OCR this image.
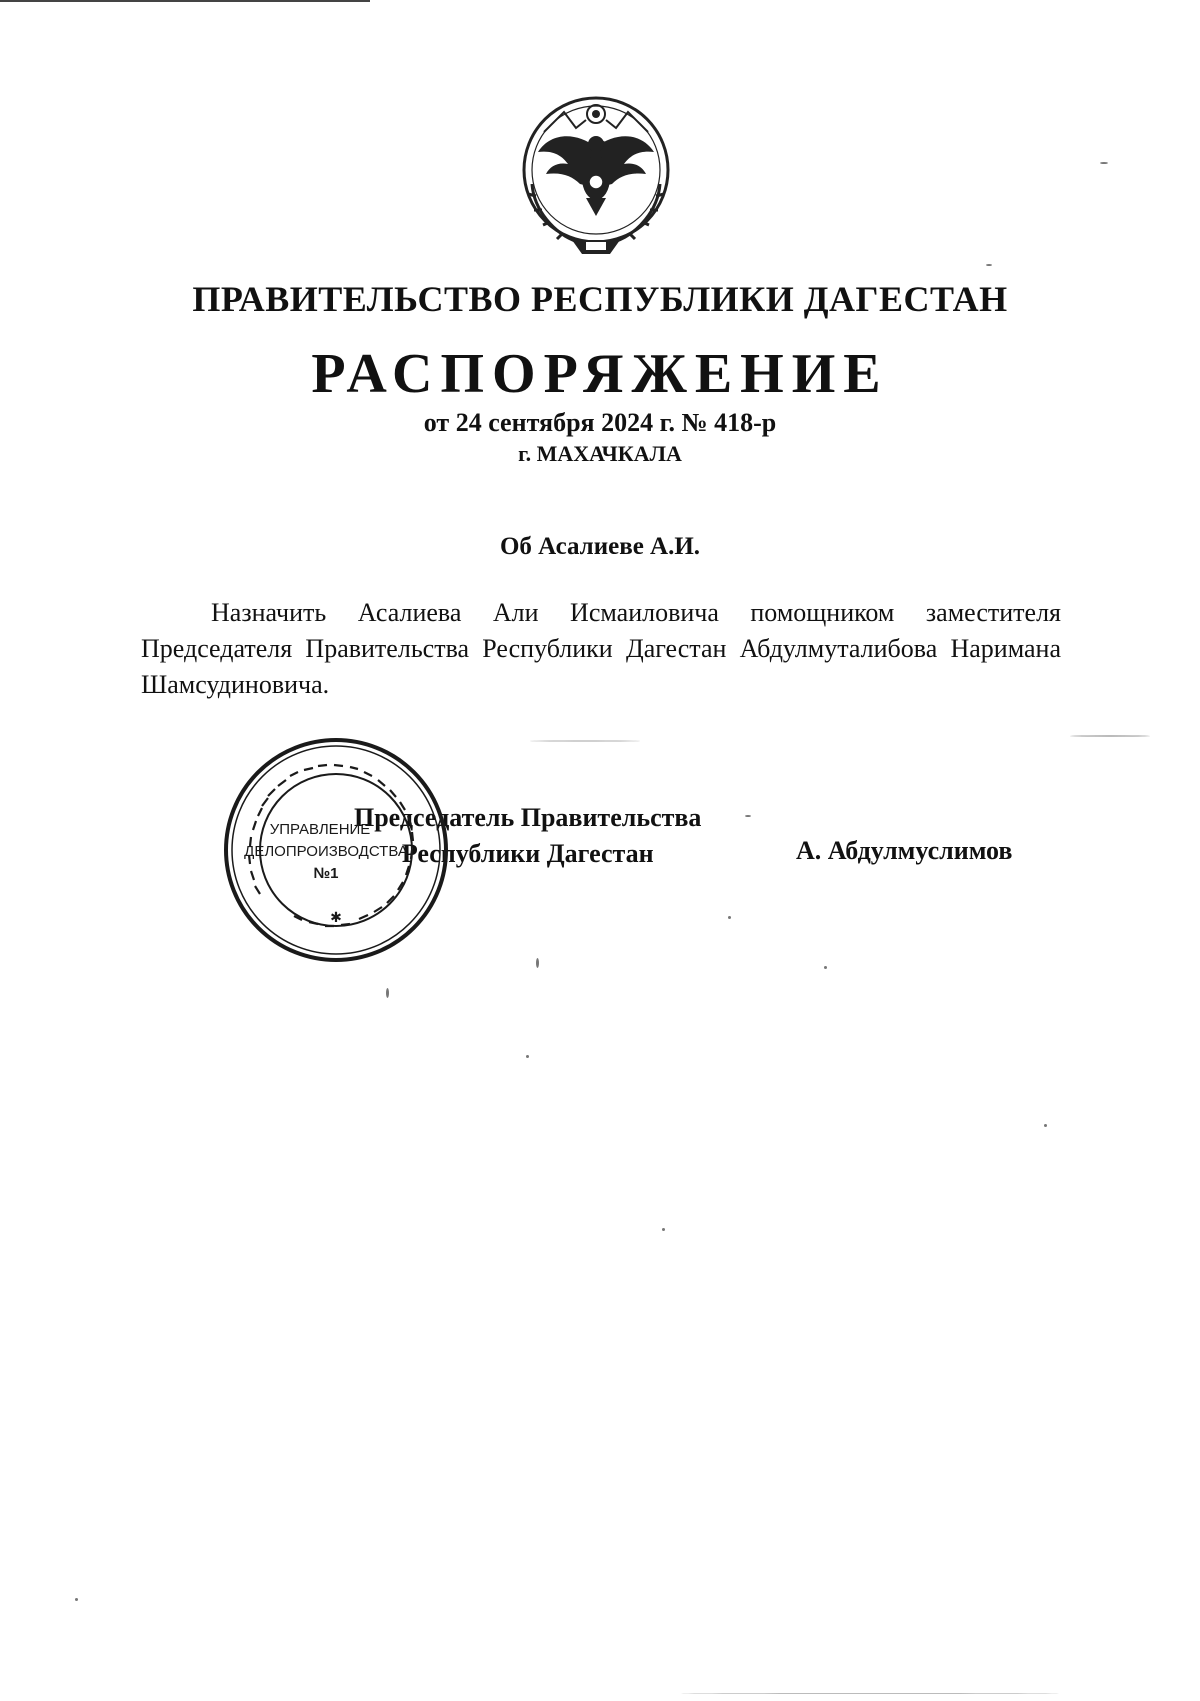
ПРАВИТЕЛЬСТВО РЕСПУБЛИКИ ДАГЕСТАН
РАСПОРЯЖЕНИЕ
от 24 сентября 2024 г. № 418-р
г. МАХАЧКАЛА
Об Асалиеве А.И.
Назначить Асалиева Али Исмаиловича помощником заместителя Председателя Правительства Республики Дагестан Абдулмуталибова Наримана Шамсудиновича.
Председатель Правительства
Республики Дагестан	А. Абдулмуслимов
✱
УПРАВЛЕНИЕ
ДЕЛОПРОИЗВОДСТВА
№1
